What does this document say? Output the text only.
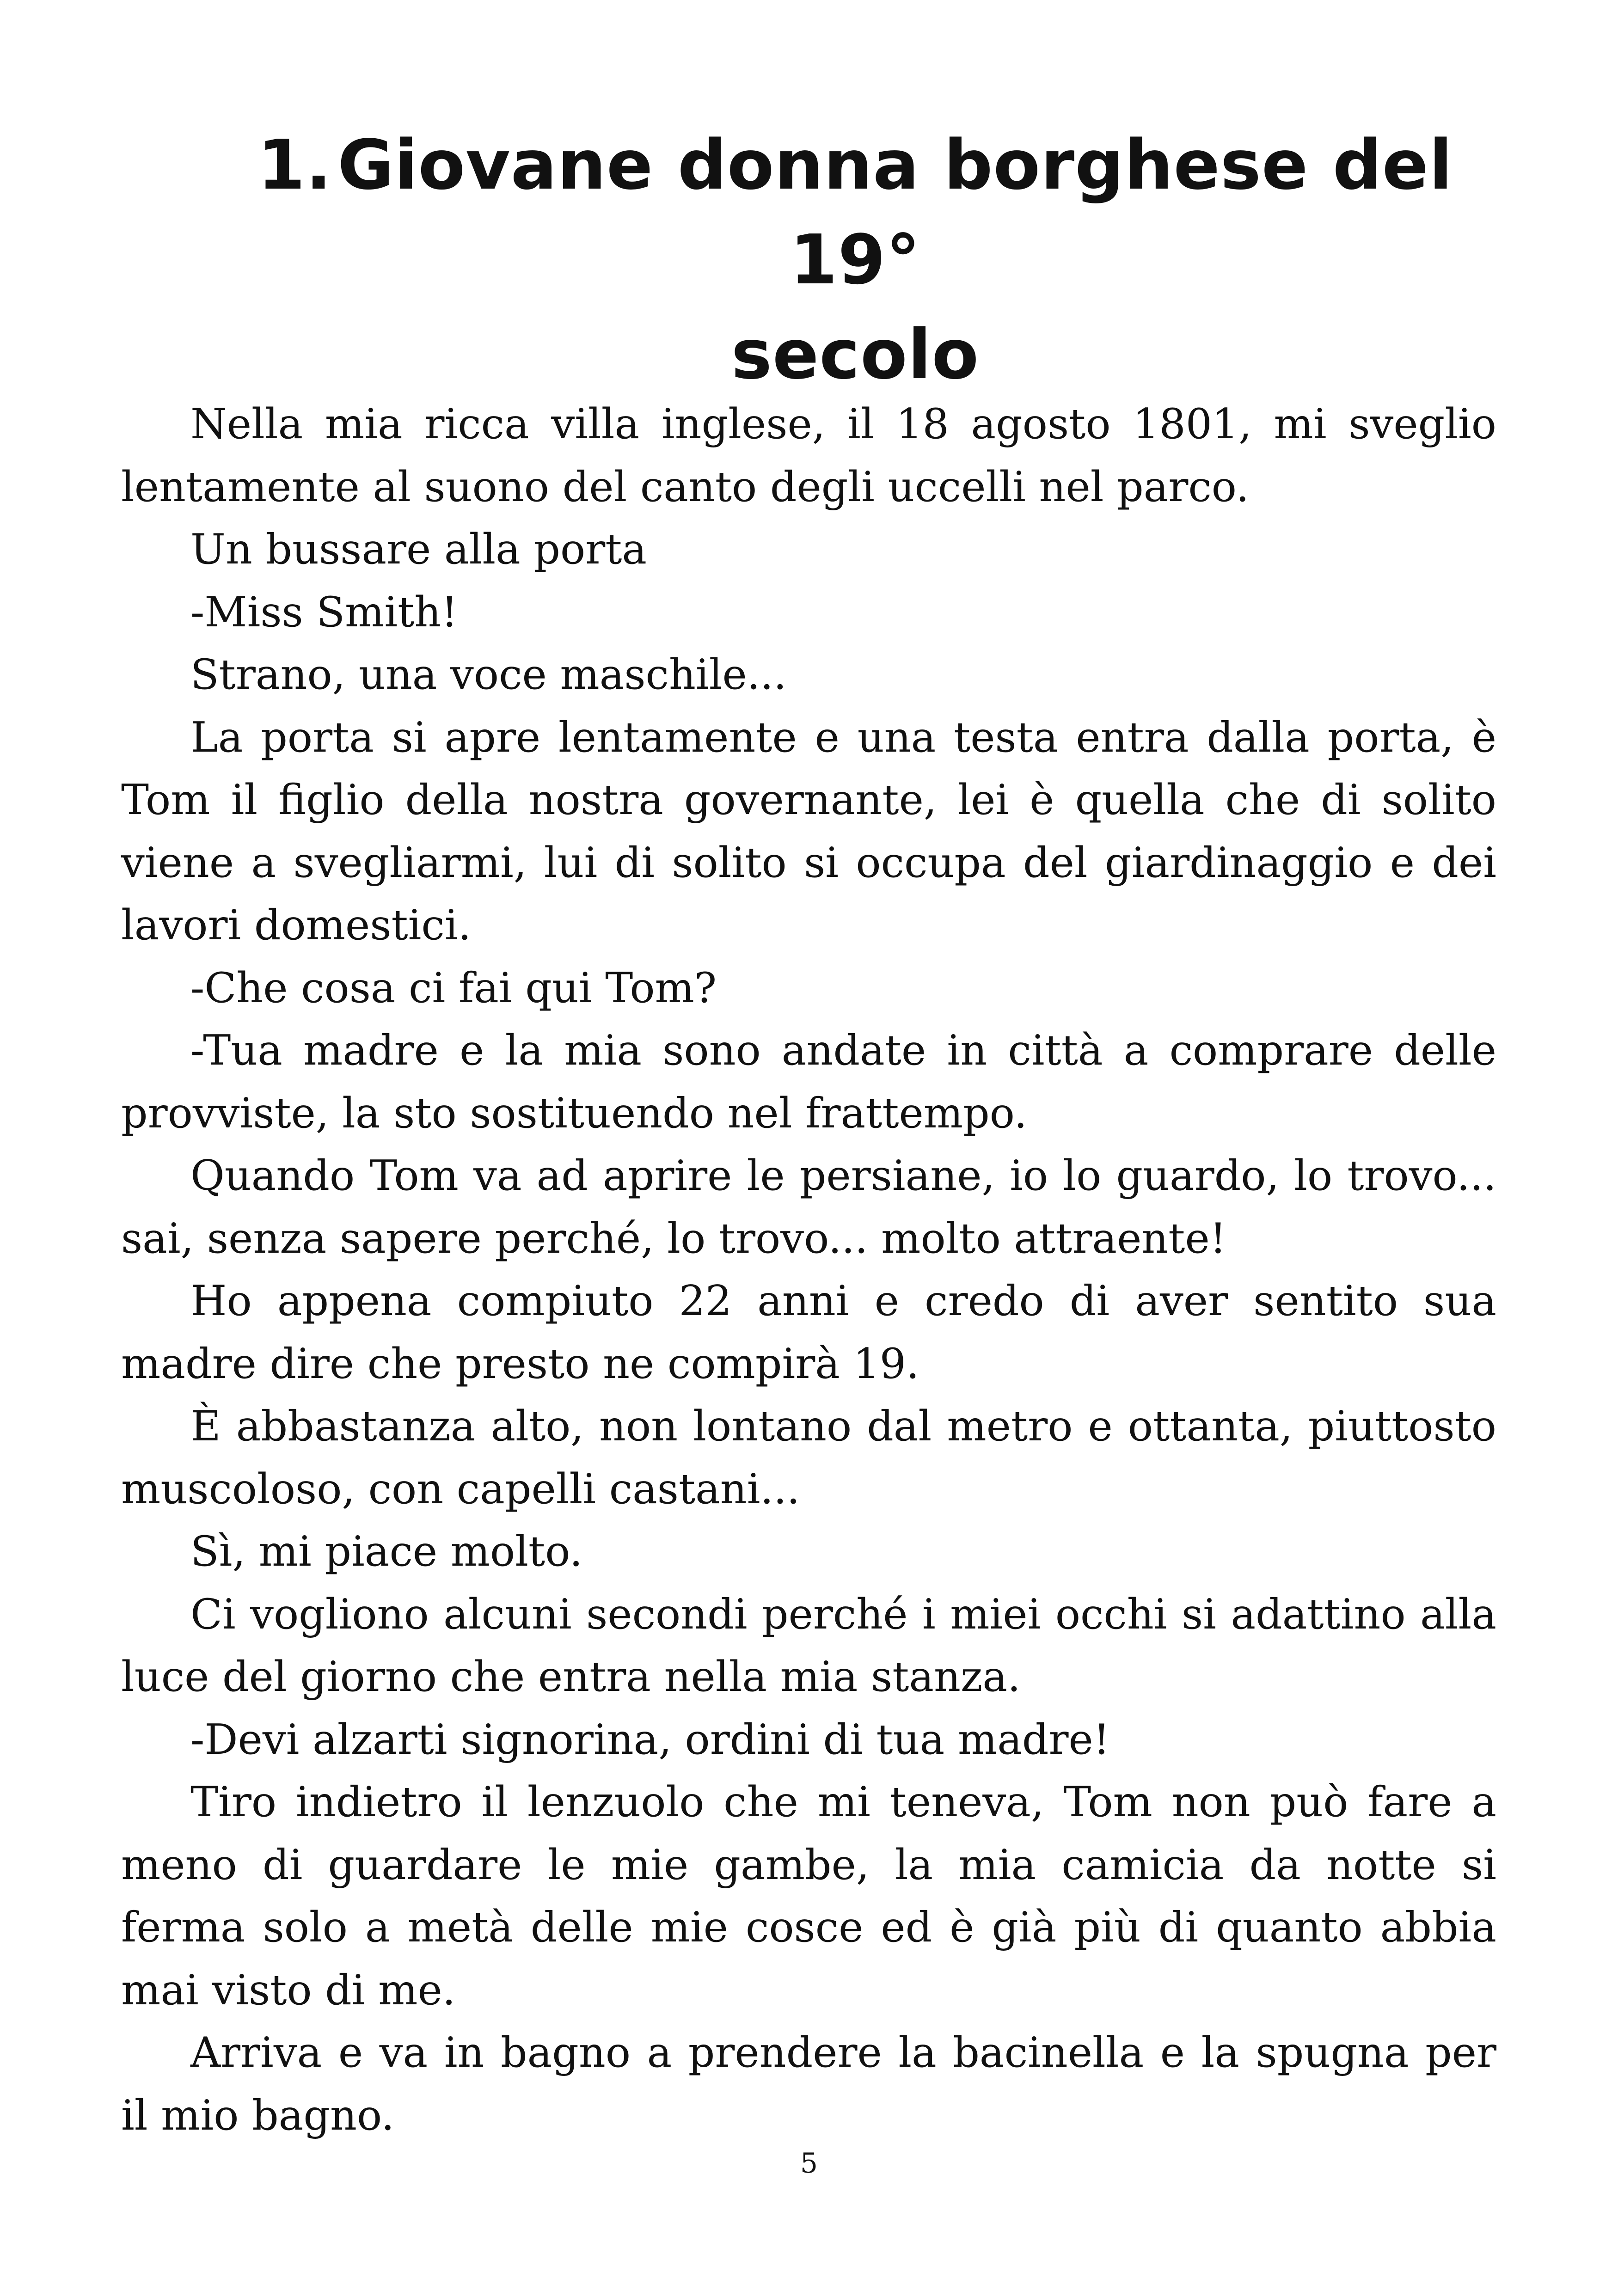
1.Giovane donna borghese del 19°
secolo

Nella mia ricca villa inglese, il 18 agosto 1801, mi sveglio lentamente al suono del canto degli uccelli nel parco.

Un bussare alla porta

-Miss Smith!

Strano, una voce maschile...

La porta si apre lentamente e una testa entra dalla porta, è Tom il figlio della nostra governante, lei è quella che di solito viene a svegliarmi, lui di solito si occupa del giardinaggio e dei lavori domestici.

-Che cosa ci fai qui Tom?

-Tua madre e la mia sono andate in città a comprare delle provviste, la sto sostituendo nel frattempo.

Quando Tom va ad aprire le persiane, io lo guardo, lo trovo... sai, senza sapere perché, lo trovo... molto attraente!

Ho appena compiuto 22 anni e credo di aver sentito sua madre dire che presto ne compirà 19.

È abbastanza alto, non lontano dal metro e ottanta, piuttosto muscoloso, con capelli castani...

Sì, mi piace molto.

Ci vogliono alcuni secondi perché i miei occhi si adattino alla luce del giorno che entra nella mia stanza.

-Devi alzarti signorina, ordini di tua madre!

Tiro indietro il lenzuolo che mi teneva, Tom non può fare a meno di guardare le mie gambe, la mia camicia da notte si ferma solo a metà delle mie cosce ed è già più di quanto abbia mai visto di me.

Arriva e va in bagno a prendere la bacinella e la spugna per il mio bagno.

5
